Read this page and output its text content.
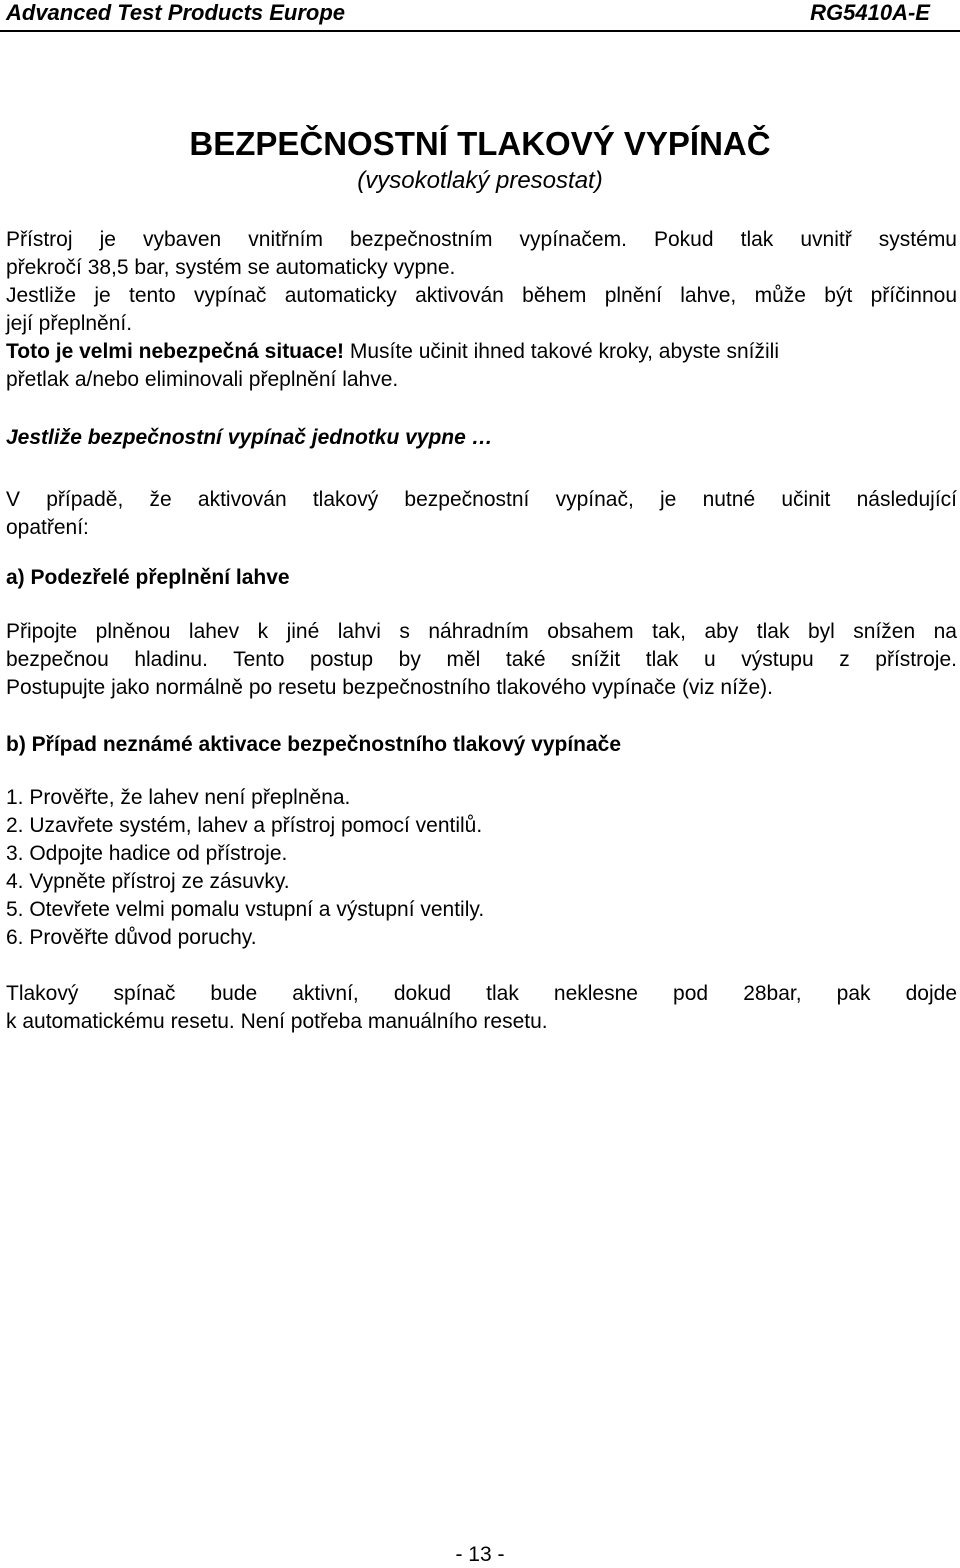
Advanced Test Products Europe	RG5410A-E
BEZPEČNOSTNÍ TLAKOVÝ VYPÍNAČ
(vysokotlaký presostat)
Přístroj je vybaven vnitřním bezpečnostním vypínačem. Pokud tlak uvnitř systému
překročí 38,5 bar, systém se automaticky vypne.
Jestliže je tento vypínač automaticky aktivován během plnění lahve, může být příčinnou
její přeplnění.
Toto je velmi nebezpečná situace! Musíte učinit ihned takové kroky, abyste snížili
přetlak a/nebo eliminovali přeplnění lahve.
Jestliže bezpečnostní vypínač jednotku vypne …
V případě, že aktivován tlakový bezpečnostní vypínač, je nutné učinit následující
opatření:
a) Podezřelé přeplnění lahve
Připojte plněnou lahev k jiné lahvi s náhradním obsahem tak, aby tlak byl snížen na
bezpečnou hladinu. Tento postup by měl také snížit tlak u výstupu z přístroje.
Postupujte jako normálně po resetu bezpečnostního tlakového vypínače (viz níže).
b) Případ neznámé aktivace bezpečnostního tlakový vypínače
1. Prověřte, že lahev není přeplněna.
2. Uzavřete systém, lahev a přístroj pomocí ventilů.
3. Odpojte hadice od přístroje.
4. Vypněte přístroj ze zásuvky.
5. Otevřete velmi pomalu vstupní a výstupní ventily.
6. Prověřte důvod poruchy.
Tlakový spínač bude aktivní, dokud tlak neklesne pod 28bar, pak dojde
k automatickému resetu. Není potřeba manuálního resetu.
- 13 -
